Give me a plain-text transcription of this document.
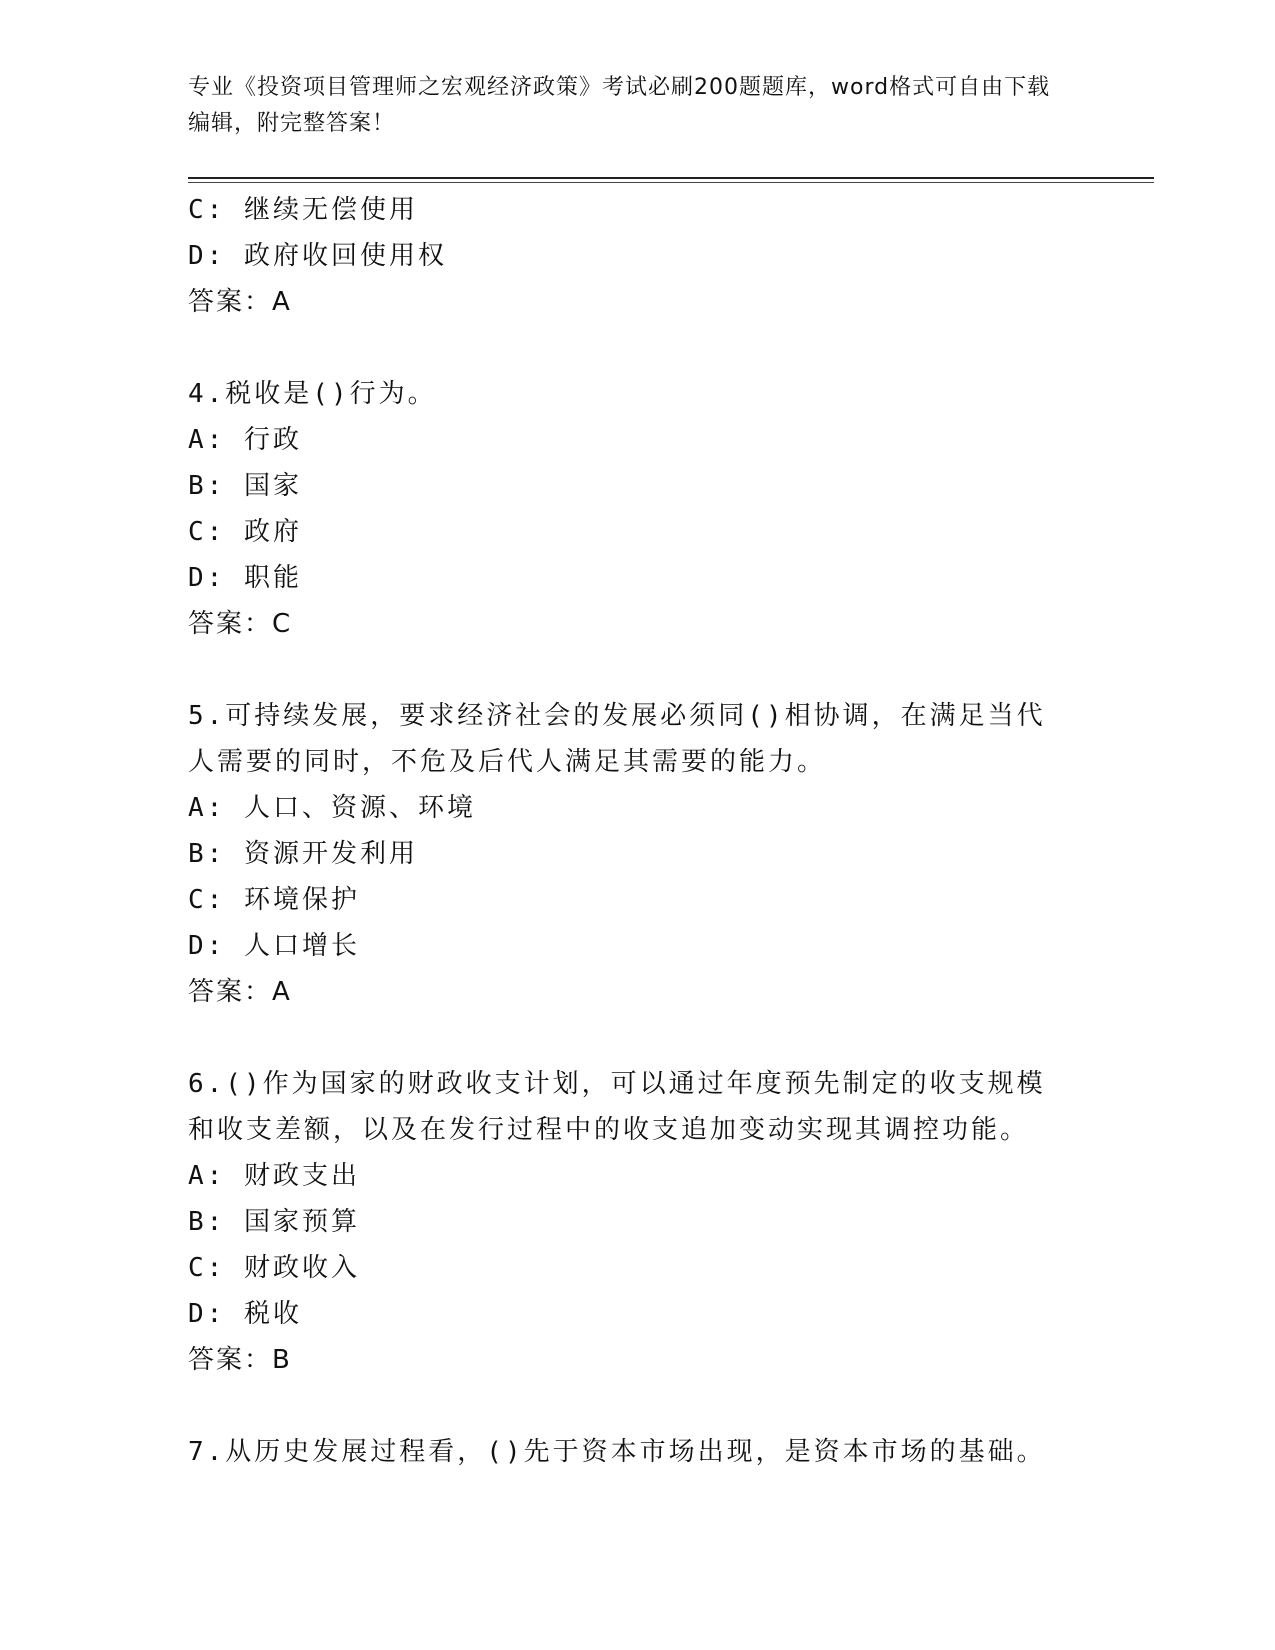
专业《投资项目管理师之宏观经济政策》考试必刷200题题库，word格式可自由下载编辑，附完整答案！
C: 继续无偿使用
D: 政府收回使用权
答案：A
4.税收是()行为。
A: 行政
B: 国家
C: 政府
D: 职能
答案：C
5.可持续发展，要求经济社会的发展必须同()相协调，在满足当代人需要的同时，不危及后代人满足其需要的能力。
A: 人口、资源、环境
B: 资源开发利用
C: 环境保护
D: 人口增长
答案：A
6.()作为国家的财政收支计划，可以通过年度预先制定的收支规模和收支差额，以及在发行过程中的收支追加变动实现其调控功能。
A: 财政支出
B: 国家预算
C: 财政收入
D: 税收
答案：B
7.从历史发展过程看，()先于资本市场出现，是资本市场的基础。
